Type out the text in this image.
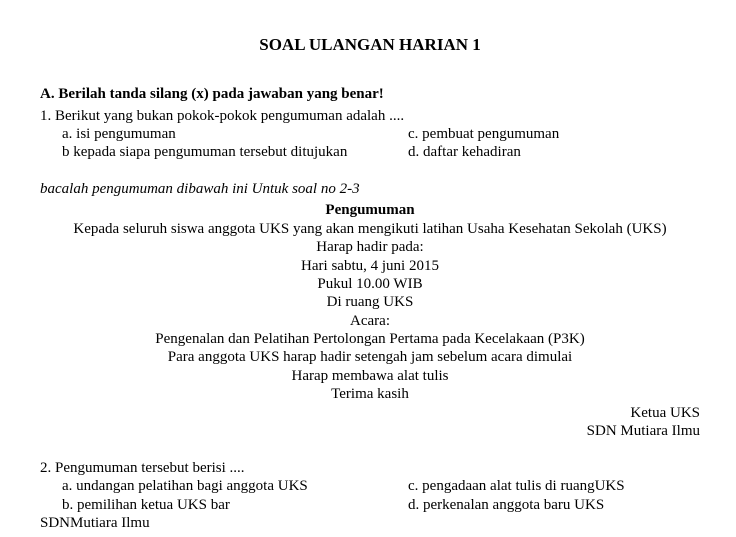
SOAL ULANGAN HARIAN 1
A. Berilah tanda silang (x) pada jawaban yang benar!
1. Berikut yang bukan pokok-pokok pengumuman adalah ....
a. isi pengumuman
b kepada siapa pengumuman tersebut ditujukan
c. pembuat pengumuman
d. daftar kehadiran
bacalah pengumuman dibawah ini Untuk soal no 2-3
Pengumuman
Kepada seluruh siswa anggota UKS yang akan mengikuti latihan Usaha Kesehatan Sekolah (UKS)
Harap hadir pada:
Hari sabtu, 4 juni 2015
Pukul 10.00 WIB
Di ruang UKS
Acara:
Pengenalan dan Pelatihan Pertolongan Pertama pada Kecelakaan (P3K)
Para anggota UKS harap hadir setengah jam sebelum acara dimulai
Harap membawa alat tulis
Terima kasih
Ketua UKS
SDN Mutiara Ilmu
2. Pengumuman tersebut berisi ....
a. undangan pelatihan bagi anggota UKS
b. pemilihan ketua UKS bar
SDNMutiara Ilmu
c. pengadaan alat tulis di ruangUKS
d. perkenalan anggota baru UKS
